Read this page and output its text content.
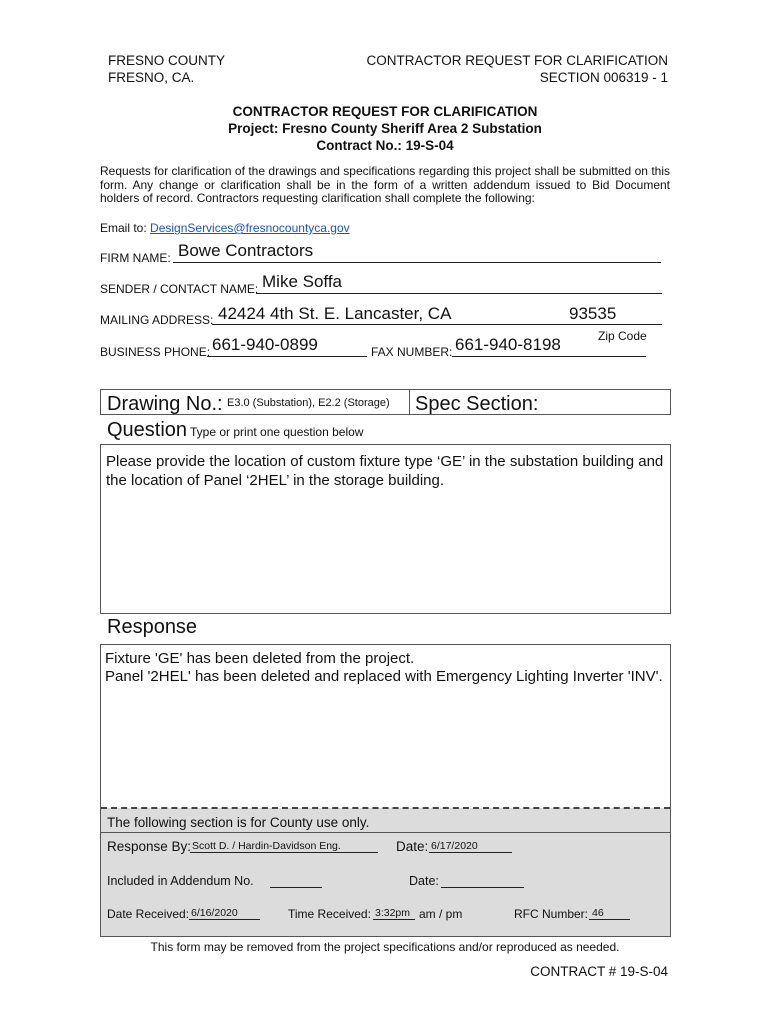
FRESNO COUNTY
FRESNO, CA.
CONTRACTOR REQUEST FOR CLARIFICATION
SECTION 006319 - 1
CONTRACTOR REQUEST FOR CLARIFICATION
Project: Fresno County Sheriff Area 2 Substation
Contract No.: 19-S-04
Requests for clarification of the drawings and specifications regarding this project shall be submitted on this form. Any change or clarification shall be in the form of a written addendum issued to Bid Document holders of record. Contractors requesting clarification shall complete the following:
Email to: DesignServices@fresnocountyca.gov
FIRM NAME: Bowe Contractors
SENDER / CONTACT NAME: Mike Soffa
MAILING ADDRESS: 42424 4th St. E. Lancaster, CA	93535
Zip Code
BUSINESS PHONE: 661-940-0899	FAX NUMBER: 661-940-8198
Drawing No.: E3.0 (Substation), E2.2 (Storage) Spec Section:
Question Type or print one question below
Please provide the location of custom fixture type ‘GE’ in the substation building and the location of Panel ‘2HEL’ in the storage building.
Response
Fixture 'GE' has been deleted from the project.
Panel '2HEL' has been deleted and replaced with Emergency Lighting Inverter 'INV'.
The following section is for County use only.
Response By: Scott D. / Hardin-Davidson Eng.	Date: 6/17/2020
Included in Addendum No.	Date:
Date Received: 6/16/2020	Time Received: 3:32pm am / pm	RFC Number: 46
This form may be removed from the project specifications and/or reproduced as needed.
CONTRACT # 19-S-04
